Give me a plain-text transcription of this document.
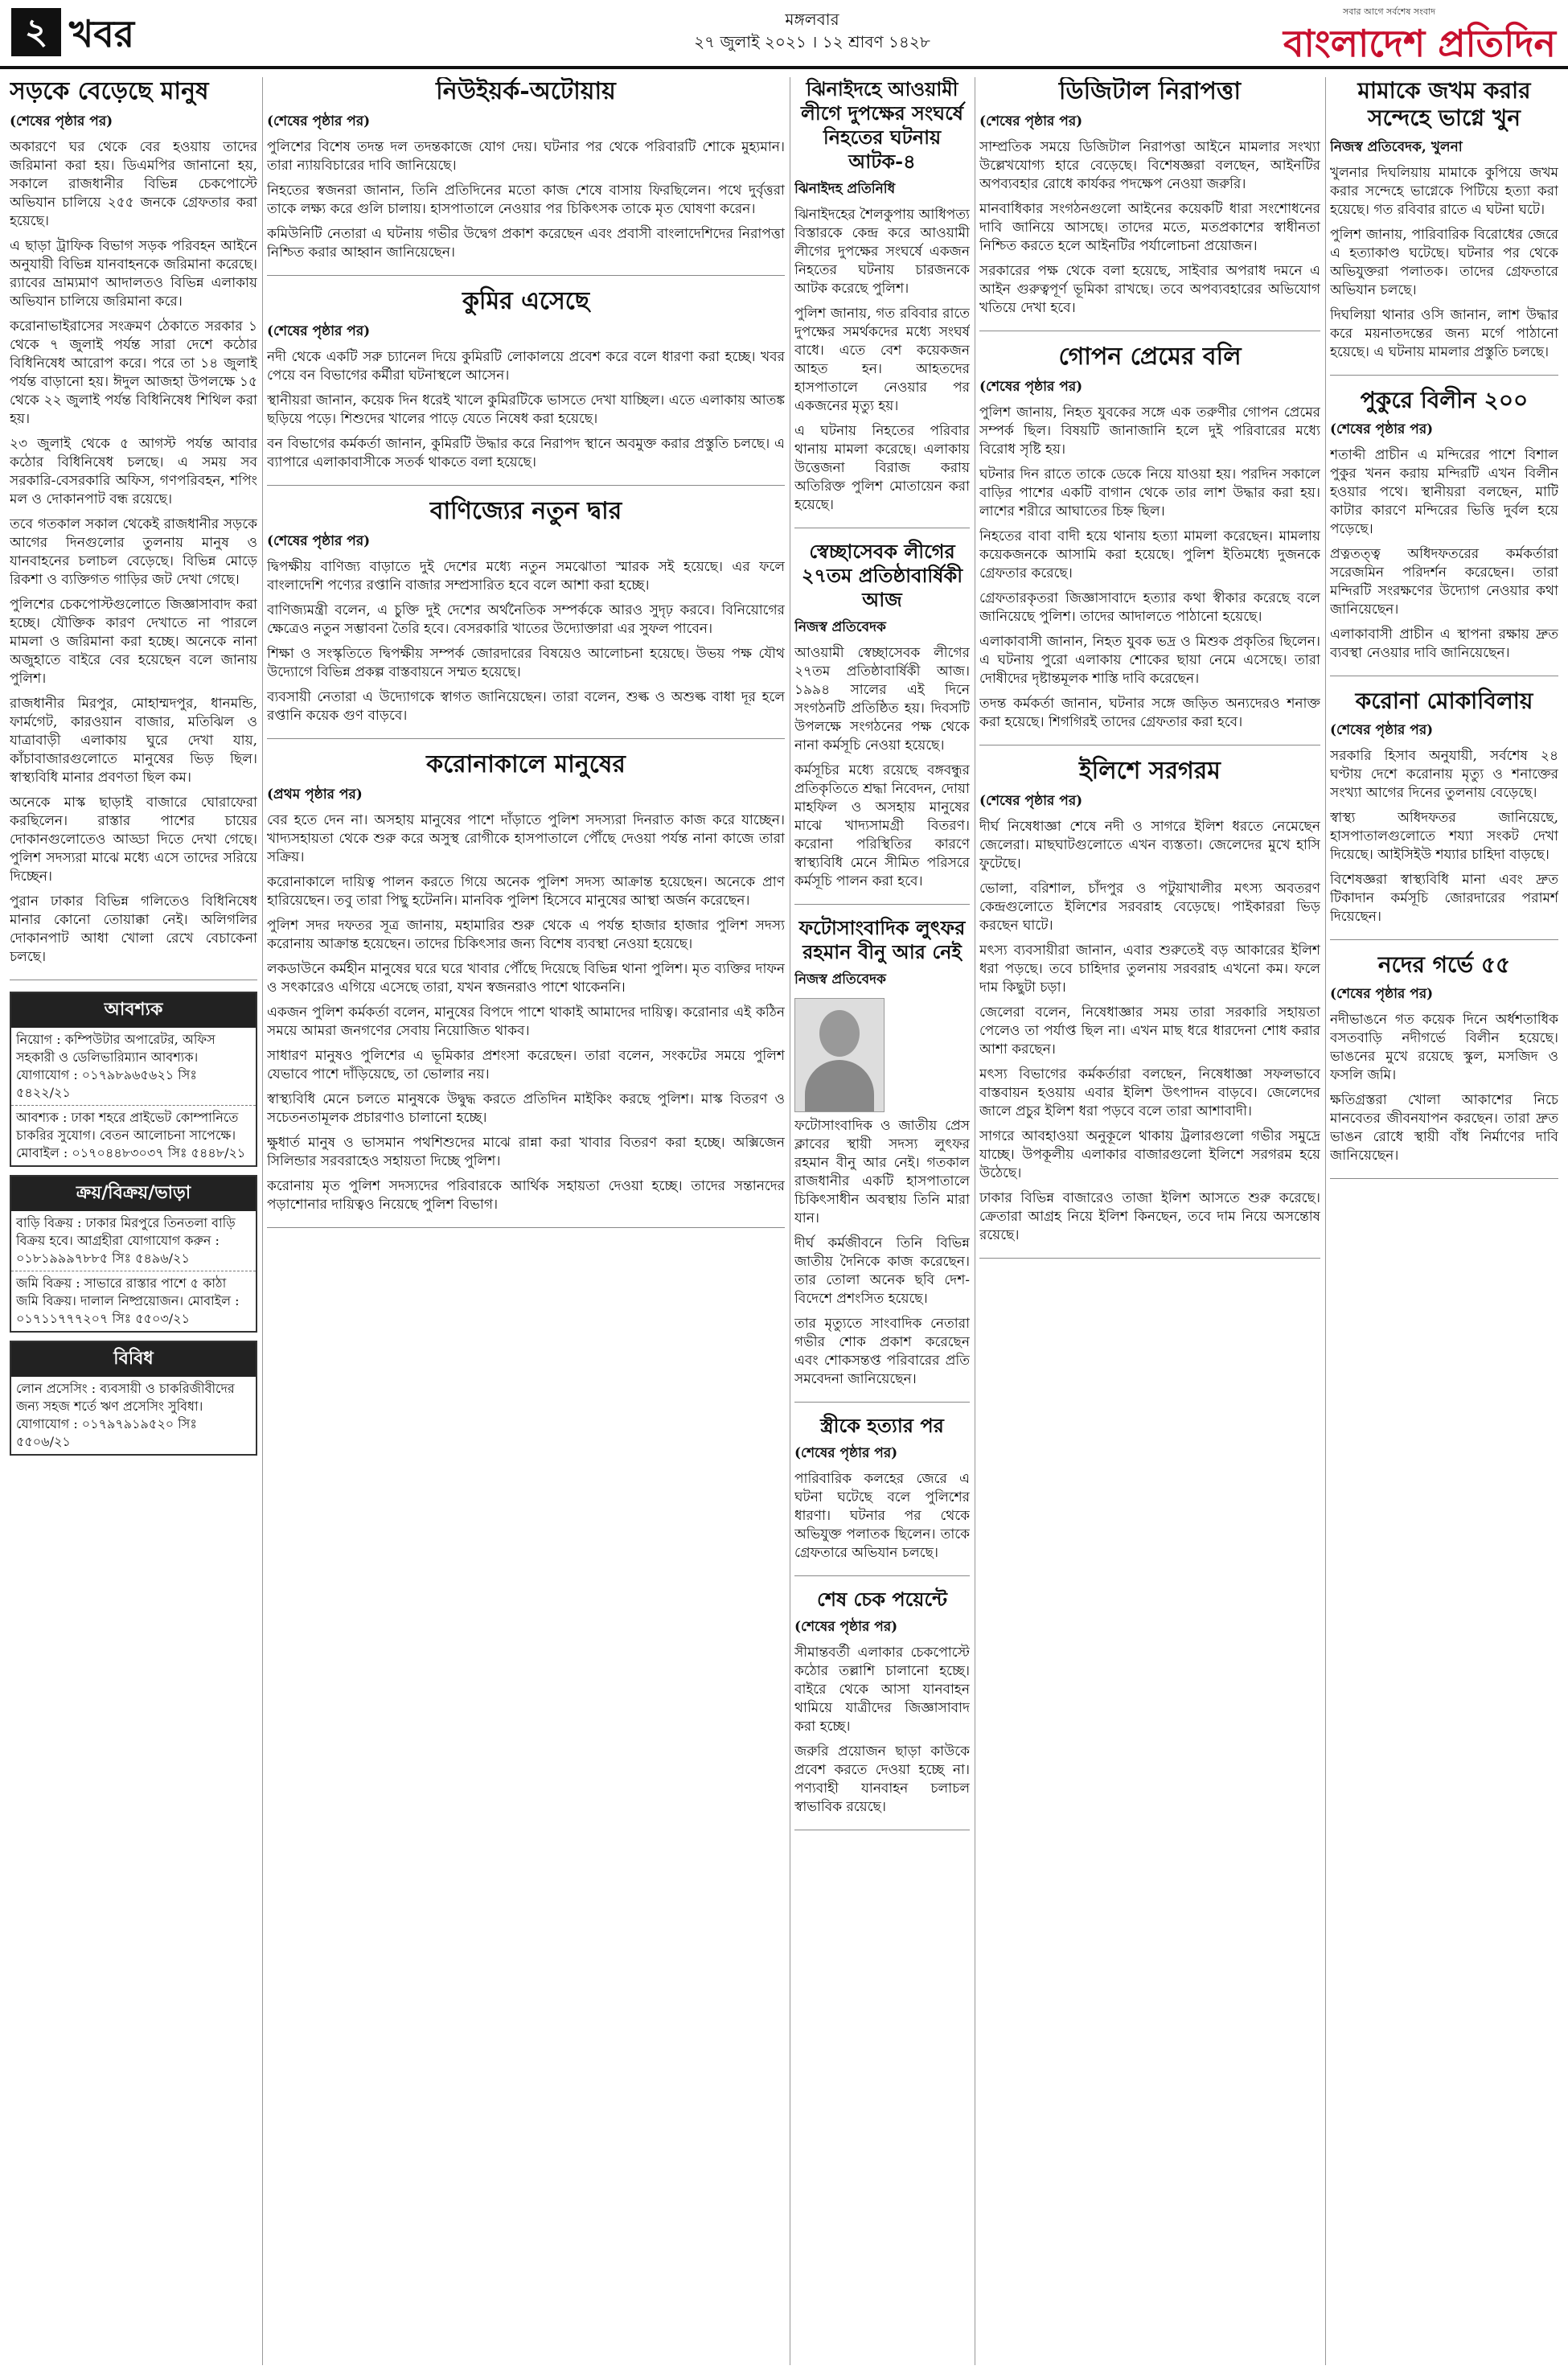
২ খবর	মঙ্গলবার
২৭ জুলাই ২০২১ । ১২ শ্রাবণ ১৪২৮
সবার আগে সর্বশেষ সংবাদ
বাংলাদেশ প্রতিদিন
সড়কে বেড়েছে মানুষ
(শেষের পৃষ্ঠার পর)

অকারণে ঘর থেকে বের হওয়ায় তাদের জরিমানা করা হয়। ডিএমপির জানানো হয়, সকালে রাজধানীর বিভিন্ন চেকপোস্টে অভিযান চালিয়ে ২৫৫ জনকে গ্রেফতার করা হয়েছে।

এ ছাড়া ট্রাফিক বিভাগ সড়ক পরিবহন আইনে অনুযায়ী বিভিন্ন যানবাহনকে জরিমানা করেছে। র‌্যাবের ভ্রাম্যমাণ আদালতও বিভিন্ন এলাকায় অভিযান চালিয়ে জরিমানা করে।

করোনাভাইরাসের সংক্রমণ ঠেকাতে সরকার ১ থেকে ৭ জুলাই পর্যন্ত সারা দেশে কঠোর বিধিনিষেধ আরোপ করে। পরে তা ১৪ জুলাই পর্যন্ত বাড়ানো হয়। ঈদুল আজহা উপলক্ষে ১৫ থেকে ২২ জুলাই পর্যন্ত বিধিনিষেধ শিথিল করা হয়।

২৩ জুলাই থেকে ৫ আগস্ট পর্যন্ত আবার কঠোর বিধিনিষেধ চলছে। এ সময় সব সরকারি-বেসরকারি অফিস, গণপরিবহন, শপিং মল ও দোকানপাট বন্ধ রয়েছে।

তবে গতকাল সকাল থেকেই রাজধানীর সড়কে আগের দিনগুলোর তুলনায় মানুষ ও যানবাহনের চলাচল বেড়েছে। বিভিন্ন মোড়ে রিকশা ও ব্যক্তিগত গাড়ির জট দেখা গেছে।

পুলিশের চেকপোস্টগুলোতে জিজ্ঞাসাবাদ করা হচ্ছে। যৌক্তিক কারণ দেখাতে না পারলে মামলা ও জরিমানা করা হচ্ছে। অনেকে নানা অজুহাতে বাইরে বের হয়েছেন বলে জানায় পুলিশ।

রাজধানীর মিরপুর, মোহাম্মদপুর, ধানমন্ডি, ফার্মগেট, কারওয়ান বাজার, মতিঝিল ও যাত্রাবাড়ী এলাকায় ঘুরে দেখা যায়, কাঁচাবাজারগুলোতে মানুষের ভিড় ছিল। স্বাস্থ্যবিধি মানার প্রবণতা ছিল কম।

অনেকে মাস্ক ছাড়াই বাজারে ঘোরাফেরা করছিলেন। রাস্তার পাশের চায়ের দোকানগুলোতেও আড্ডা দিতে দেখা গেছে। পুলিশ সদস্যরা মাঝে মধ্যে এসে তাদের সরিয়ে দিচ্ছেন।

পুরান ঢাকার বিভিন্ন গলিতেও বিধিনিষেধ মানার কোনো তোয়াক্কা নেই। অলিগলির দোকানপাট আধা খোলা রেখে বেচাকেনা চলছে।

আবশ্যক
নিয়োগ : কম্পিউটার অপারেটর, অফিস সহকারী ও ডেলিভারিম্যান আবশ্যক। যোগাযোগ : ০১৭৯৮৯৬৫৬২১ সিঃ ৫৪২২/২১
আবশ্যক : ঢাকা শহরে প্রাইভেট কোম্পানিতে চাকরির সুযোগ। বেতন আলোচনা সাপেক্ষে। মোবাইল : ০১৭০৪৪৮৩০৩৭ সিঃ ৫৪৪৮/২১
ক্রয়/বিক্রয়/ভাড়া
বাড়ি বিক্রয় : ঢাকার মিরপুরে তিনতলা বাড়ি বিক্রয় হবে। আগ্রহীরা যোগাযোগ করুন : ০১৮১৯৯৯৭৮৮৫ সিঃ ৫৪৯৬/২১
জমি বিক্রয় : সাভারে রাস্তার পাশে ৫ কাঠা জমি বিক্রয়। দালাল নিষ্প্রয়োজন। মোবাইল : ০১৭১১৭৭৭২০৭ সিঃ ৫৫০৩/২১
বিবিধ
লোন প্রসেসিং : ব্যবসায়ী ও চাকরিজীবীদের জন্য সহজ শর্তে ঋণ প্রসেসিং সুবিধা। যোগাযোগ : ০১৭৯৭৯১৯৫২০ সিঃ ৫৫০৬/২১
নিউইয়র্ক-অটোয়ায়
(শেষের পৃষ্ঠার পর)

পুলিশের বিশেষ তদন্ত দল তদন্তকাজে যোগ দেয়। ঘটনার পর থেকে পরিবারটি শোকে মুহ্যমান। তারা ন্যায়বিচারের দাবি জানিয়েছে।

নিহতের স্বজনরা জানান, তিনি প্রতিদিনের মতো কাজ শেষে বাসায় ফিরছিলেন। পথে দুর্বৃত্তরা তাকে লক্ষ্য করে গুলি চালায়। হাসপাতালে নেওয়ার পর চিকিৎসক তাকে মৃত ঘোষণা করেন।

কমিউনিটি নেতারা এ ঘটনায় গভীর উদ্বেগ প্রকাশ করেছেন এবং প্রবাসী বাংলাদেশিদের নিরাপত্তা নিশ্চিত করার আহ্বান জানিয়েছেন।

কুমির এসেছে
(শেষের পৃষ্ঠার পর)

নদী থেকে একটি সরু চ্যানেল দিয়ে কুমিরটি লোকালয়ে প্রবেশ করে বলে ধারণা করা হচ্ছে। খবর পেয়ে বন বিভাগের কর্মীরা ঘটনাস্থলে আসেন।

স্থানীয়রা জানান, কয়েক দিন ধরেই খালে কুমিরটিকে ভাসতে দেখা যাচ্ছিল। এতে এলাকায় আতঙ্ক ছড়িয়ে পড়ে। শিশুদের খালের পাড়ে যেতে নিষেধ করা হয়েছে।

বন বিভাগের কর্মকর্তা জানান, কুমিরটি উদ্ধার করে নিরাপদ স্থানে অবমুক্ত করার প্রস্তুতি চলছে। এ ব্যাপারে এলাকাবাসীকে সতর্ক থাকতে বলা হয়েছে।

বাণিজ্যের নতুন দ্বার
(শেষের পৃষ্ঠার পর)

দ্বিপক্ষীয় বাণিজ্য বাড়াতে দুই দেশের মধ্যে নতুন সমঝোতা স্মারক সই হয়েছে। এর ফলে বাংলাদেশি পণ্যের রপ্তানি বাজার সম্প্রসারিত হবে বলে আশা করা হচ্ছে।

বাণিজ্যমন্ত্রী বলেন, এ চুক্তি দুই দেশের অর্থনৈতিক সম্পর্ককে আরও সুদৃঢ় করবে। বিনিয়োগের ক্ষেত্রেও নতুন সম্ভাবনা তৈরি হবে। বেসরকারি খাতের উদ্যোক্তারা এর সুফল পাবেন।

শিক্ষা ও সংস্কৃতিতে দ্বিপক্ষীয় সম্পর্ক জোরদারের বিষয়েও আলোচনা হয়েছে। উভয় পক্ষ যৌথ উদ্যোগে বিভিন্ন প্রকল্প বাস্তবায়নে সম্মত হয়েছে।

ব্যবসায়ী নেতারা এ উদ্যোগকে স্বাগত জানিয়েছেন। তারা বলেন, শুল্ক ও অশুল্ক বাধা দূর হলে রপ্তানি কয়েক গুণ বাড়বে।

করোনাকালে মানুষের
(প্রথম পৃষ্ঠার পর)

বের হতে দেন না। অসহায় মানুষের পাশে দাঁড়াতে পুলিশ সদস্যরা দিনরাত কাজ করে যাচ্ছেন। খাদ্যসহায়তা থেকে শুরু করে অসুস্থ রোগীকে হাসপাতালে পৌঁছে দেওয়া পর্যন্ত নানা কাজে তারা সক্রিয়।

করোনাকালে দায়িত্ব পালন করতে গিয়ে অনেক পুলিশ সদস্য আক্রান্ত হয়েছেন। অনেকে প্রাণ হারিয়েছেন। তবু তারা পিছু হটেননি। মানবিক পুলিশ হিসেবে মানুষের আস্থা অর্জন করেছেন।

পুলিশ সদর দফতর সূত্র জানায়, মহামারির শুরু থেকে এ পর্যন্ত হাজার হাজার পুলিশ সদস্য করোনায় আক্রান্ত হয়েছেন। তাদের চিকিৎসার জন্য বিশেষ ব্যবস্থা নেওয়া হয়েছে।

লকডাউনে কর্মহীন মানুষের ঘরে ঘরে খাবার পৌঁছে দিয়েছে বিভিন্ন থানা পুলিশ। মৃত ব্যক্তির দাফন ও সৎকারেও এগিয়ে এসেছে তারা, যখন স্বজনরাও পাশে থাকেননি।

একজন পুলিশ কর্মকর্তা বলেন, মানুষের বিপদে পাশে থাকাই আমাদের দায়িত্ব। করোনার এই কঠিন সময়ে আমরা জনগণের সেবায় নিয়োজিত থাকব।

সাধারণ মানুষও পুলিশের এ ভূমিকার প্রশংসা করেছেন। তারা বলেন, সংকটের সময়ে পুলিশ যেভাবে পাশে দাঁড়িয়েছে, তা ভোলার নয়।

স্বাস্থ্যবিধি মেনে চলতে মানুষকে উদ্বুদ্ধ করতে প্রতিদিন মাইকিং করছে পুলিশ। মাস্ক বিতরণ ও সচেতনতামূলক প্রচারণাও চালানো হচ্ছে।

ক্ষুধার্ত মানুষ ও ভাসমান পথশিশুদের মাঝে রান্না করা খাবার বিতরণ করা হচ্ছে। অক্সিজেন সিলিন্ডার সরবরাহেও সহায়তা দিচ্ছে পুলিশ।

করোনায় মৃত পুলিশ সদস্যদের পরিবারকে আর্থিক সহায়তা দেওয়া হচ্ছে। তাদের সন্তানদের পড়াশোনার দায়িত্বও নিয়েছে পুলিশ বিভাগ।

ঝিনাইদহে আওয়ামী লীগে দুপক্ষের সংঘর্ষে নিহতের ঘটনায় আটক-৪
ঝিনাইদহ প্রতিনিধি

ঝিনাইদহের শৈলকুপায় আধিপত্য বিস্তারকে কেন্দ্র করে আওয়ামী লীগের দুপক্ষের সংঘর্ষে একজন নিহতের ঘটনায় চারজনকে আটক করেছে পুলিশ।

পুলিশ জানায়, গত রবিবার রাতে দুপক্ষের সমর্থকদের মধ্যে সংঘর্ষ বাধে। এতে বেশ কয়েকজন আহত হন। আহতদের হাসপাতালে নেওয়ার পর একজনের মৃত্যু হয়।

এ ঘটনায় নিহতের পরিবার থানায় মামলা করেছে। এলাকায় উত্তেজনা বিরাজ করায় অতিরিক্ত পুলিশ মোতায়েন করা হয়েছে।

স্বেচ্ছাসেবক লীগের ২৭তম প্রতিষ্ঠাবার্ষিকী আজ
নিজস্ব প্রতিবেদক

আওয়ামী স্বেচ্ছাসেবক লীগের ২৭তম প্রতিষ্ঠাবার্ষিকী আজ। ১৯৯৪ সালের এই দিনে সংগঠনটি প্রতিষ্ঠিত হয়। দিবসটি উপলক্ষে সংগঠনের পক্ষ থেকে নানা কর্মসূচি নেওয়া হয়েছে।

কর্মসূচির মধ্যে রয়েছে বঙ্গবন্ধুর প্রতিকৃতিতে শ্রদ্ধা নিবেদন, দোয়া মাহফিল ও অসহায় মানুষের মাঝে খাদ্যসামগ্রী বিতরণ। করোনা পরিস্থিতির কারণে স্বাস্থ্যবিধি মেনে সীমিত পরিসরে কর্মসূচি পালন করা হবে।

ফটোসাংবাদিক লুৎফর রহমান বীনু আর নেই
নিজস্ব প্রতিবেদক

ফটোসাংবাদিক ও জাতীয় প্রেস ক্লাবের স্থায়ী সদস্য লুৎফর রহমান বীনু আর নেই। গতকাল রাজধানীর একটি হাসপাতালে চিকিৎসাধীন অবস্থায় তিনি মারা যান।

দীর্ঘ কর্মজীবনে তিনি বিভিন্ন জাতীয় দৈনিকে কাজ করেছেন। তার তোলা অনেক ছবি দেশ-বিদেশে প্রশংসিত হয়েছে।

তার মৃত্যুতে সাংবাদিক নেতারা গভীর শোক প্রকাশ করেছেন এবং শোকসন্তপ্ত পরিবারের প্রতি সমবেদনা জানিয়েছেন।

স্ত্রীকে হত্যার পর
(শেষের পৃষ্ঠার পর)

পারিবারিক কলহের জেরে এ ঘটনা ঘটেছে বলে পুলিশের ধারণা। ঘটনার পর থেকে অভিযুক্ত পলাতক ছিলেন। তাকে গ্রেফতারে অভিযান চলছে।

শেষ চেক পয়েন্টে
(শেষের পৃষ্ঠার পর)

সীমান্তবর্তী এলাকার চেকপোস্টে কঠোর তল্লাশি চালানো হচ্ছে। বাইরে থেকে আসা যানবাহন থামিয়ে যাত্রীদের জিজ্ঞাসাবাদ করা হচ্ছে।

জরুরি প্রয়োজন ছাড়া কাউকে প্রবেশ করতে দেওয়া হচ্ছে না। পণ্যবাহী যানবাহন চলাচল স্বাভাবিক রয়েছে।

ডিজিটাল নিরাপত্তা
(শেষের পৃষ্ঠার পর)

সাম্প্রতিক সময়ে ডিজিটাল নিরাপত্তা আইনে মামলার সংখ্যা উল্লেখযোগ্য হারে বেড়েছে। বিশেষজ্ঞরা বলছেন, আইনটির অপব্যবহার রোধে কার্যকর পদক্ষেপ নেওয়া জরুরি।

মানবাধিকার সংগঠনগুলো আইনের কয়েকটি ধারা সংশোধনের দাবি জানিয়ে আসছে। তাদের মতে, মতপ্রকাশের স্বাধীনতা নিশ্চিত করতে হলে আইনটির পর্যালোচনা প্রয়োজন।

সরকারের পক্ষ থেকে বলা হয়েছে, সাইবার অপরাধ দমনে এ আইন গুরুত্বপূর্ণ ভূমিকা রাখছে। তবে অপব্যবহারের অভিযোগ খতিয়ে দেখা হবে।

গোপন প্রেমের বলি
(শেষের পৃষ্ঠার পর)

পুলিশ জানায়, নিহত যুবকের সঙ্গে এক তরুণীর গোপন প্রেমের সম্পর্ক ছিল। বিষয়টি জানাজানি হলে দুই পরিবারের মধ্যে বিরোধ সৃষ্টি হয়।

ঘটনার দিন রাতে তাকে ডেকে নিয়ে যাওয়া হয়। পরদিন সকালে বাড়ির পাশের একটি বাগান থেকে তার লাশ উদ্ধার করা হয়। লাশের শরীরে আঘাতের চিহ্ন ছিল।

নিহতের বাবা বাদী হয়ে থানায় হত্যা মামলা করেছেন। মামলায় কয়েকজনকে আসামি করা হয়েছে। পুলিশ ইতিমধ্যে দুজনকে গ্রেফতার করেছে।

গ্রেফতারকৃতরা জিজ্ঞাসাবাদে হত্যার কথা স্বীকার করেছে বলে জানিয়েছে পুলিশ। তাদের আদালতে পাঠানো হয়েছে।

এলাকাবাসী জানান, নিহত যুবক ভদ্র ও মিশুক প্রকৃতির ছিলেন। এ ঘটনায় পুরো এলাকায় শোকের ছায়া নেমে এসেছে। তারা দোষীদের দৃষ্টান্তমূলক শাস্তি দাবি করেছেন।

তদন্ত কর্মকর্তা জানান, ঘটনার সঙ্গে জড়িত অন্যদেরও শনাক্ত করা হয়েছে। শিগগিরই তাদের গ্রেফতার করা হবে।

ইলিশে সরগরম
(শেষের পৃষ্ঠার পর)

দীর্ঘ নিষেধাজ্ঞা শেষে নদী ও সাগরে ইলিশ ধরতে নেমেছেন জেলেরা। মাছঘাটগুলোতে এখন ব্যস্ততা। জেলেদের মুখে হাসি ফুটেছে।

ভোলা, বরিশাল, চাঁদপুর ও পটুয়াখালীর মৎস্য অবতরণ কেন্দ্রগুলোতে ইলিশের সরবরাহ বেড়েছে। পাইকাররা ভিড় করছেন ঘাটে।

মৎস্য ব্যবসায়ীরা জানান, এবার শুরুতেই বড় আকারের ইলিশ ধরা পড়ছে। তবে চাহিদার তুলনায় সরবরাহ এখনো কম। ফলে দাম কিছুটা চড়া।

জেলেরা বলেন, নিষেধাজ্ঞার সময় তারা সরকারি সহায়তা পেলেও তা পর্যাপ্ত ছিল না। এখন মাছ ধরে ধারদেনা শোধ করার আশা করছেন।

মৎস্য বিভাগের কর্মকর্তারা বলছেন, নিষেধাজ্ঞা সফলভাবে বাস্তবায়ন হওয়ায় এবার ইলিশ উৎপাদন বাড়বে। জেলেদের জালে প্রচুর ইলিশ ধরা পড়বে বলে তারা আশাবাদী।

সাগরে আবহাওয়া অনুকূলে থাকায় ট্রলারগুলো গভীর সমুদ্রে যাচ্ছে। উপকূলীয় এলাকার বাজারগুলো ইলিশে সরগরম হয়ে উঠেছে।

ঢাকার বিভিন্ন বাজারেও তাজা ইলিশ আসতে শুরু করেছে। ক্রেতারা আগ্রহ নিয়ে ইলিশ কিনছেন, তবে দাম নিয়ে অসন্তোষ রয়েছে।

মামাকে জখম করার সন্দেহে ভাগ্নে খুন
নিজস্ব প্রতিবেদক, খুলনা

খুলনার দিঘলিয়ায় মামাকে কুপিয়ে জখম করার সন্দেহে ভাগ্নেকে পিটিয়ে হত্যা করা হয়েছে। গত রবিবার রাতে এ ঘটনা ঘটে।

পুলিশ জানায়, পারিবারিক বিরোধের জেরে এ হত্যাকাণ্ড ঘটেছে। ঘটনার পর থেকে অভিযুক্তরা পলাতক। তাদের গ্রেফতারে অভিযান চলছে।

দিঘলিয়া থানার ওসি জানান, লাশ উদ্ধার করে ময়নাতদন্তের জন্য মর্গে পাঠানো হয়েছে। এ ঘটনায় মামলার প্রস্তুতি চলছে।

পুকুরে বিলীন ২০০
(শেষের পৃষ্ঠার পর)

শতাব্দী প্রাচীন এ মন্দিরের পাশে বিশাল পুকুর খনন করায় মন্দিরটি এখন বিলীন হওয়ার পথে। স্থানীয়রা বলছেন, মাটি কাটার কারণে মন্দিরের ভিত্তি দুর্বল হয়ে পড়েছে।

প্রত্নতত্ত্ব অধিদফতরের কর্মকর্তারা সরেজমিন পরিদর্শন করেছেন। তারা মন্দিরটি সংরক্ষণের উদ্যোগ নেওয়ার কথা জানিয়েছেন।

এলাকাবাসী প্রাচীন এ স্থাপনা রক্ষায় দ্রুত ব্যবস্থা নেওয়ার দাবি জানিয়েছেন।

করোনা মোকাবিলায়
(শেষের পৃষ্ঠার পর)

সরকারি হিসাব অনুযায়ী, সর্বশেষ ২৪ ঘণ্টায় দেশে করোনায় মৃত্যু ও শনাক্তের সংখ্যা আগের দিনের তুলনায় বেড়েছে।

স্বাস্থ্য অধিদফতর জানিয়েছে, হাসপাতালগুলোতে শয্যা সংকট দেখা দিয়েছে। আইসিইউ শয্যার চাহিদা বাড়ছে।

বিশেষজ্ঞরা স্বাস্থ্যবিধি মানা এবং দ্রুত টিকাদান কর্মসূচি জোরদারের পরামর্শ দিয়েছেন।

নদের গর্ভে ৫৫
(শেষের পৃষ্ঠার পর)

নদীভাঙনে গত কয়েক দিনে অর্ধশতাধিক বসতবাড়ি নদীগর্ভে বিলীন হয়েছে। ভাঙনের মুখে রয়েছে স্কুল, মসজিদ ও ফসলি জমি।

ক্ষতিগ্রস্তরা খোলা আকাশের নিচে মানবেতর জীবনযাপন করছেন। তারা দ্রুত ভাঙন রোধে স্থায়ী বাঁধ নির্মাণের দাবি জানিয়েছেন।
